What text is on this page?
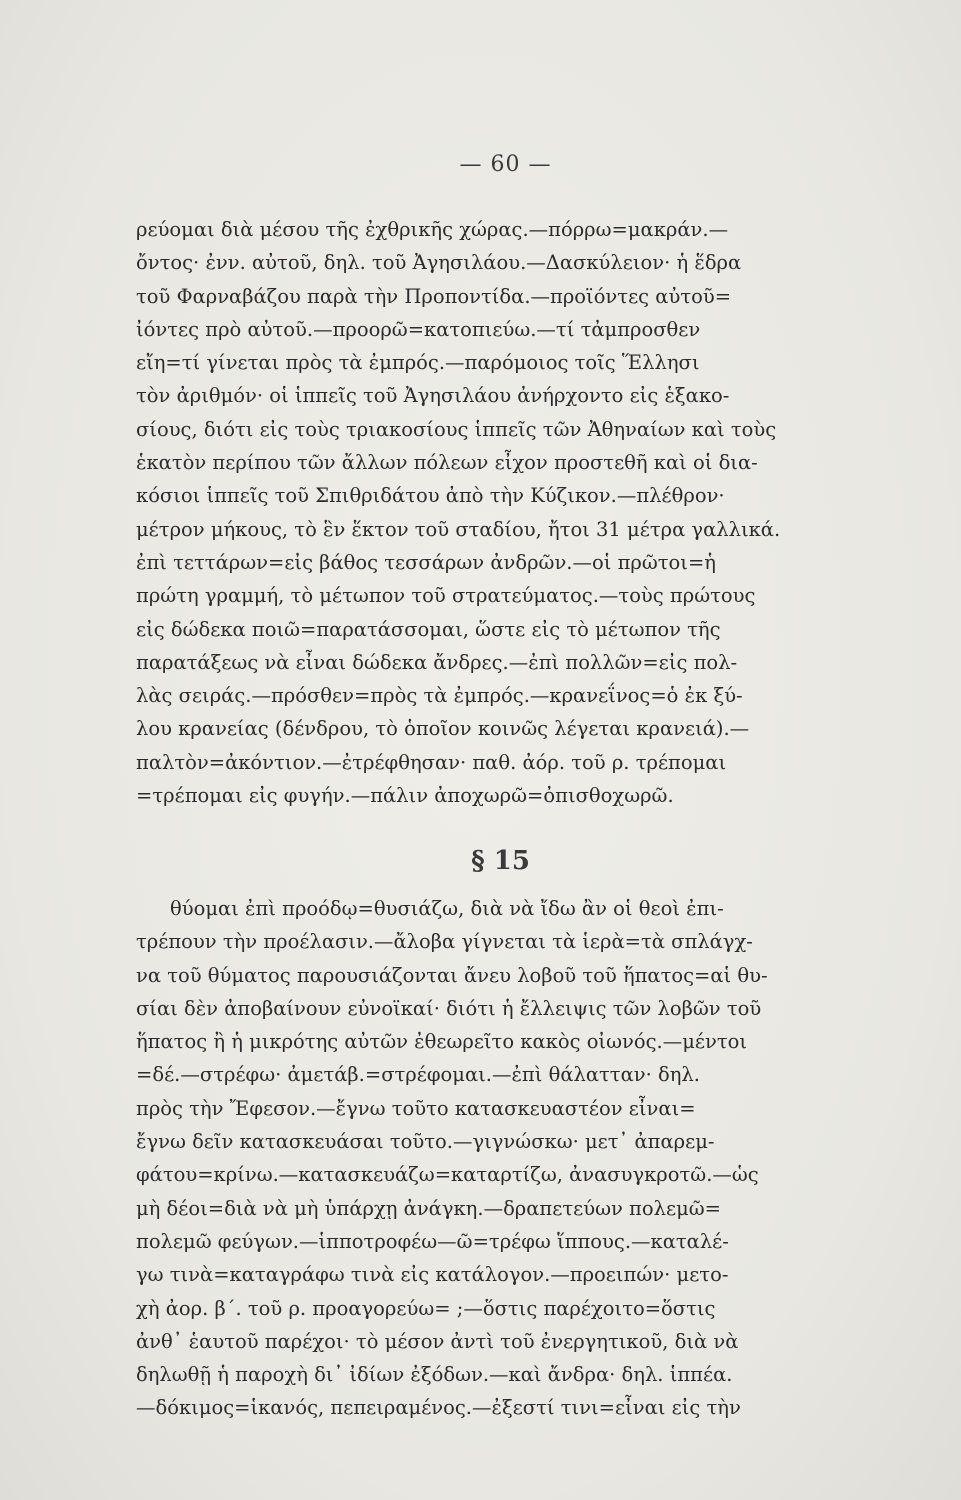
— 60 —
ρεύομαι διὰ μέσου τῆς ἐχθρικῆς χώρας.—πόρρω=μακράν.—
ὄντος· ἐνν. αὐτοῦ, δηλ. τοῦ Ἀγησιλάου.—Δασκύλειον· ἡ ἕδρα
τοῦ Φαρναβάζου παρὰ τὴν Προποντίδα.—προϊόντες αὐτοῦ=
ἰόντες πρὸ αὐτοῦ.—προορῶ=κατοπιεύω.—τί τἀμπροσθεν
εἴη=τί γίνεται πρὸς τὰ ἐμπρός.—παρόμοιος τοῖς Ἕλλησι
τὸν ἀριθμόν· οἱ ἱππεῖς τοῦ Ἀγησιλάου ἀνήρχοντο εἰς ἑξακο-
σίους, διότι εἰς τοὺς τριακοσίους ἱππεῖς τῶν Ἀθηναίων καὶ τοὺς
ἑκατὸν περίπου τῶν ἄλλων πόλεων εἶχον προστεθῆ καὶ οἱ δια-
κόσιοι ἱππεῖς τοῦ Σπιθριδάτου ἀπὸ τὴν Κύζικον.—πλέθρον·
μέτρον μήκους, τὸ ἓν ἕκτον τοῦ σταδίου, ἤτοι 31 μέτρα γαλλικά.
ἐπὶ τεττάρων=εἰς βάθος τεσσάρων ἀνδρῶν.—οἱ πρῶτοι=ἡ
πρώτη γραμμή, τὸ μέτωπον τοῦ στρατεύματος.—τοὺς πρώτους
εἰς δώδεκα ποιῶ=παρατάσσομαι, ὥστε εἰς τὸ μέτωπον τῆς
παρατάξεως νὰ εἶναι δώδεκα ἄνδρες.—ἐπὶ πολλῶν=εἰς πολ-
λὰς σειράς.—πρόσθεν=πρὸς τὰ ἐμπρός.—κρανεΐνος=ὁ ἐκ ξύ-
λου κρανείας (δένδρου, τὸ ὁποῖον κοινῶς λέγεται κρανειά).—
παλτὸν=ἀκόντιον.—ἐτρέφθησαν· παθ. ἀόρ. τοῦ ρ. τρέπομαι
=τρέπομαι εἰς φυγήν.—πάλιν ἀποχωρῶ=ὀπισθοχωρῶ.
§ 15
θύομαι ἐπὶ προόδῳ=θυσιάζω, διὰ νὰ ἴδω ἂν οἱ θεοὶ ἐπι-
τρέπουν τὴν προέλασιν.—ἄλοβα γίγνεται τὰ ἱερὰ=τὰ σπλάγχ-
να τοῦ θύματος παρουσιάζονται ἄνευ λοβοῦ τοῦ ἥπατος=αἱ θυ-
σίαι δὲν ἀποβαίνουν εὐνοϊκαί· διότι ἡ ἔλλειψις τῶν λοβῶν τοῦ
ἥπατος ἢ ἡ μικρότης αὐτῶν ἐθεωρεῖτο κακὸς οἰωνός.—μέντοι
=δέ.—στρέφω· ἀμετάβ.=στρέφομαι.—ἐπὶ θάλατταν· δηλ.
πρὸς τὴν Ἔφεσον.—ἔγνω τοῦτο κατασκευαστέον εἶναι=
ἔγνω δεῖν κατασκευάσαι τοῦτο.—γιγνώσκω· μετ᾽ ἀπαρεμ-
φάτου=κρίνω.—κατασκευάζω=καταρτίζω, ἀνασυγκροτῶ.—ὡς
μὴ δέοι=διὰ νὰ μὴ ὑπάρχῃ ἀνάγκη.—δραπετεύων πολεμῶ=
πολεμῶ φεύγων.—ἱπποτροφέω—ῶ=τρέφω ἵππους.—καταλέ-
γω τινὰ=καταγράφω τινὰ εἰς κατάλογον.—προειπών· μετο-
χὴ ἀορ. β΄. τοῦ ρ. προαγορεύω= ;—ὅστις παρέχοιτο=ὅστις
ἀνθ᾽ ἑαυτοῦ παρέχοι· τὸ μέσον ἀντὶ τοῦ ἐνεργητικοῦ, διὰ νὰ
δηλωθῇ ἡ παροχὴ δι᾽ ἰδίων ἐξόδων.—καὶ ἄνδρα· δηλ. ἱππέα.
—δόκιμος=ἱκανός, πεπειραμένος.—ἐξεστί τινι=εἶναι εἰς τὴν
